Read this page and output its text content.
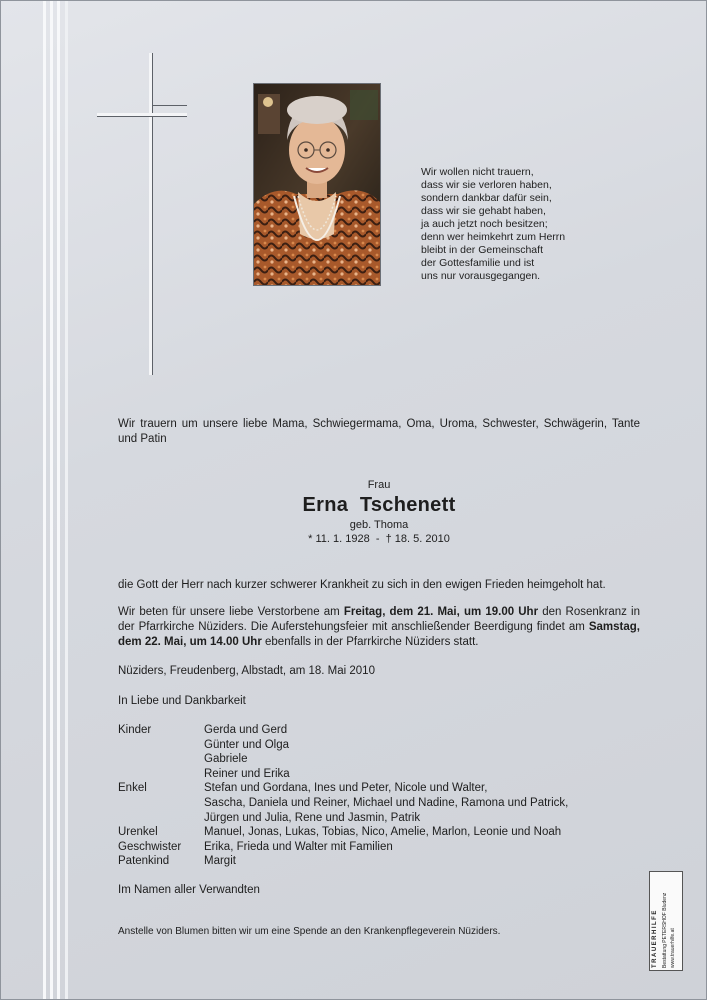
Wir wollen nicht trauern,
dass wir sie verloren haben,
sondern dankbar dafür sein,
dass wir sie gehabt haben,
ja auch jetzt noch besitzen;
denn wer heimkehrt zum Herrn
bleibt in der Gemeinschaft
der Gottesfamilie und ist
uns nur vorausgegangen.
Wir trauern um unsere liebe Mama, Schwiegermama, Oma, Uroma, Schwester, Schwägerin, Tante und Patin
Frau
Erna  Tschenett
geb. Thoma
* 11. 1. 1928  -  † 18. 5. 2010
die Gott der Herr nach kurzer schwerer Krankheit zu sich in den ewigen Frieden heimgeholt hat.
Wir beten für unsere liebe Verstorbene am Freitag, dem 21. Mai, um 19.00 Uhr den Rosenkranz in der Pfarrkirche Nüziders. Die Auferstehungsfeier mit anschließender Beerdigung findet am Samstag, dem 22. Mai, um 14.00 Uhr ebenfalls in der Pfarrkirche Nüziders statt.
Nüziders, Freudenberg, Albstadt, am 18. Mai 2010
In Liebe und Dankbarkeit
Kinder	Gerda und Gerd
Günter und Olga
Gabriele
Reiner und Erika
Enkel	Stefan und Gordana, Ines und Peter, Nicole und Walter,
Sascha, Daniela und Reiner, Michael und Nadine, Ramona und Patrick,
Jürgen und Julia, Rene und Jasmin, Patrik
Urenkel	Manuel, Jonas, Lukas, Tobias, Nico, Amelie, Marlon, Leonie und Noah
Geschwister	Erika, Frieda und Walter mit Familien
Patenkind	Margit
Im Namen aller Verwandten
Anstelle von Blumen bitten wir um eine Spende an den Krankenpflegeverein Nüziders.	TRAUERHILFE Bestattung PETERSHOF Bludenz www.trauerhilfe.at
